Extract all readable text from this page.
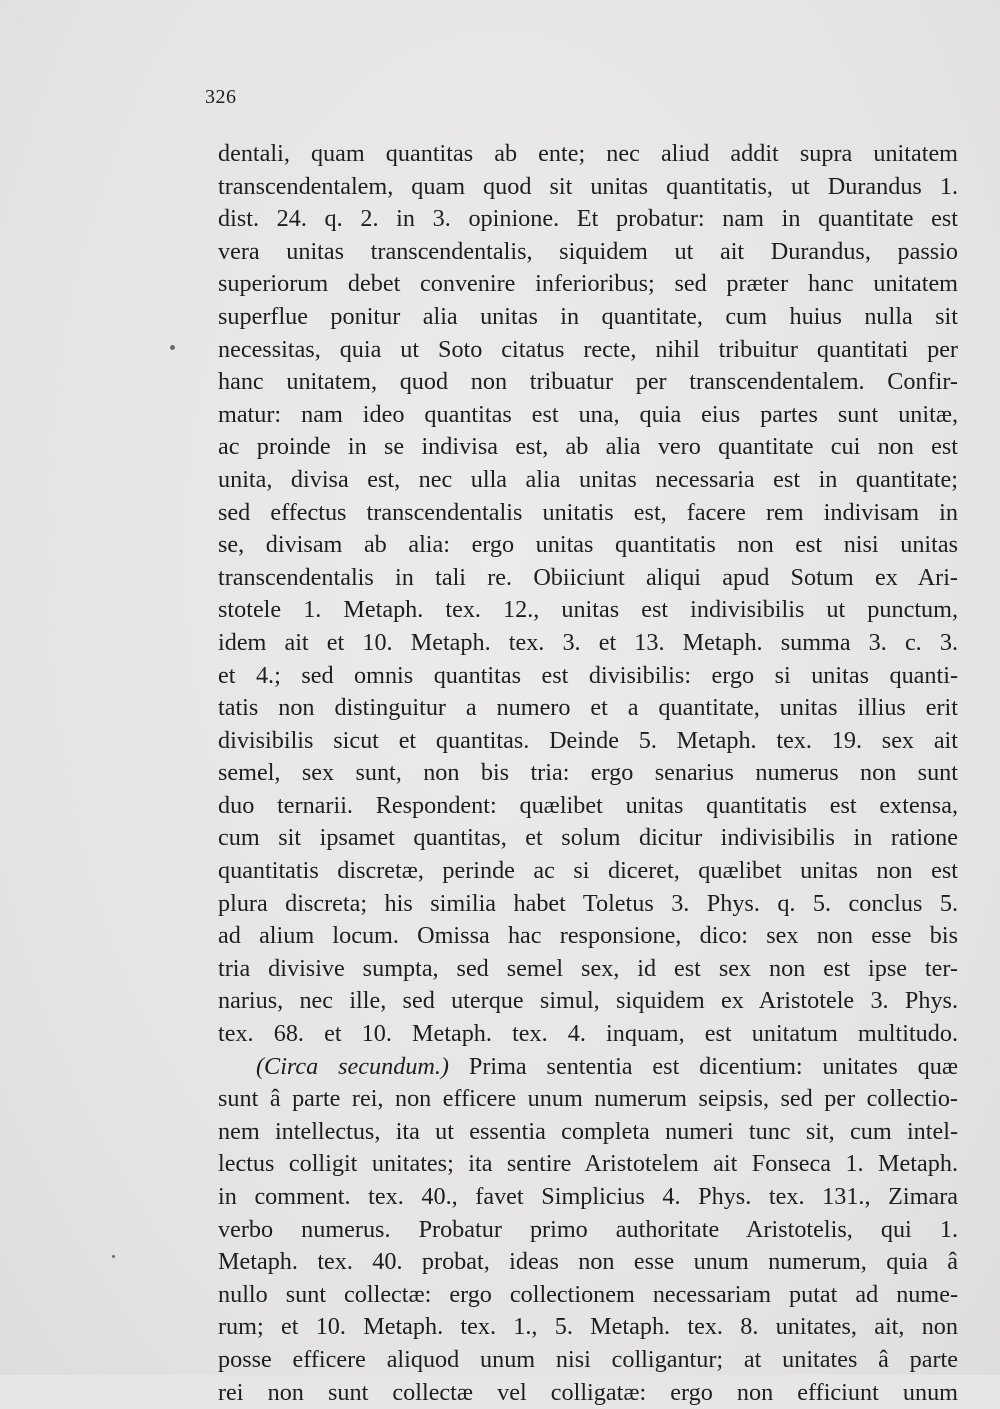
326
dentali, quam quantitas ab ente; nec aliud addit supra unitatem
transcendentalem, quam quod sit unitas quantitatis, ut Durandus 1.
dist. 24. q. 2. in 3. opinione. Et probatur: nam in quantitate est
vera unitas transcendentalis, siquidem ut ait Durandus, passio
superiorum debet convenire inferioribus; sed præter hanc unitatem
superflue ponitur alia unitas in quantitate, cum huius nulla sit
necessitas, quia ut Soto citatus recte, nihil tribuitur quantitati per
hanc unitatem, quod non tribuatur per transcendentalem. Confir-
matur: nam ideo quantitas est una, quia eius partes sunt unitæ,
ac proinde in se indivisa est, ab alia vero quantitate cui non est
unita, divisa est, nec ulla alia unitas necessaria est in quantitate;
sed effectus transcendentalis unitatis est, facere rem indivisam in
se, divisam ab alia: ergo unitas quantitatis non est nisi unitas
transcendentalis in tali re. Obiiciunt aliqui apud Sotum ex Ari-
stotele 1. Metaph. tex. 12., unitas est indivisibilis ut punctum,
idem ait et 10. Metaph. tex. 3. et 13. Metaph. summa 3. c. 3.
et 4.; sed omnis quantitas est divisibilis: ergo si unitas quanti-
tatis non distinguitur a numero et a quantitate, unitas illius erit
divisibilis sicut et quantitas. Deinde 5. Metaph. tex. 19. sex ait
semel, sex sunt, non bis tria: ergo senarius numerus non sunt
duo ternarii. Respondent: quælibet unitas quantitatis est extensa,
cum sit ipsamet quantitas, et solum dicitur indivisibilis in ratione
quantitatis discretæ, perinde ac si diceret, quælibet unitas non est
plura discreta; his similia habet Toletus 3. Phys. q. 5. conclus 5.
ad alium locum. Omissa hac responsione, dico: sex non esse bis
tria divisive sumpta, sed semel sex, id est sex non est ipse ter-
narius, nec ille, sed uterque simul, siquidem ex Aristotele 3. Phys.
tex. 68. et 10. Metaph. tex. 4. inquam, est unitatum multitudo.
(Circa secundum.) Prima sententia est dicentium: unitates quæ
sunt â parte rei, non efficere unum numerum seipsis, sed per collectio-
nem intellectus, ita ut essentia completa numeri tunc sit, cum intel-
lectus colligit unitates; ita sentire Aristotelem ait Fonseca 1. Metaph.
in comment. tex. 40., favet Simplicius 4. Phys. tex. 131., Zimara
verbo numerus. Probatur primo authoritate Aristotelis, qui 1.
Metaph. tex. 40. probat, ideas non esse unum numerum, quia â
nullo sunt collectæ: ergo collectionem necessariam putat ad nume-
rum; et 10. Metaph. tex. 1., 5. Metaph. tex. 8. unitates, ait, non
posse efficere aliquod unum nisi colligantur; at unitates â parte
rei non sunt collectæ vel colligatæ: ergo non efficiunt unum
